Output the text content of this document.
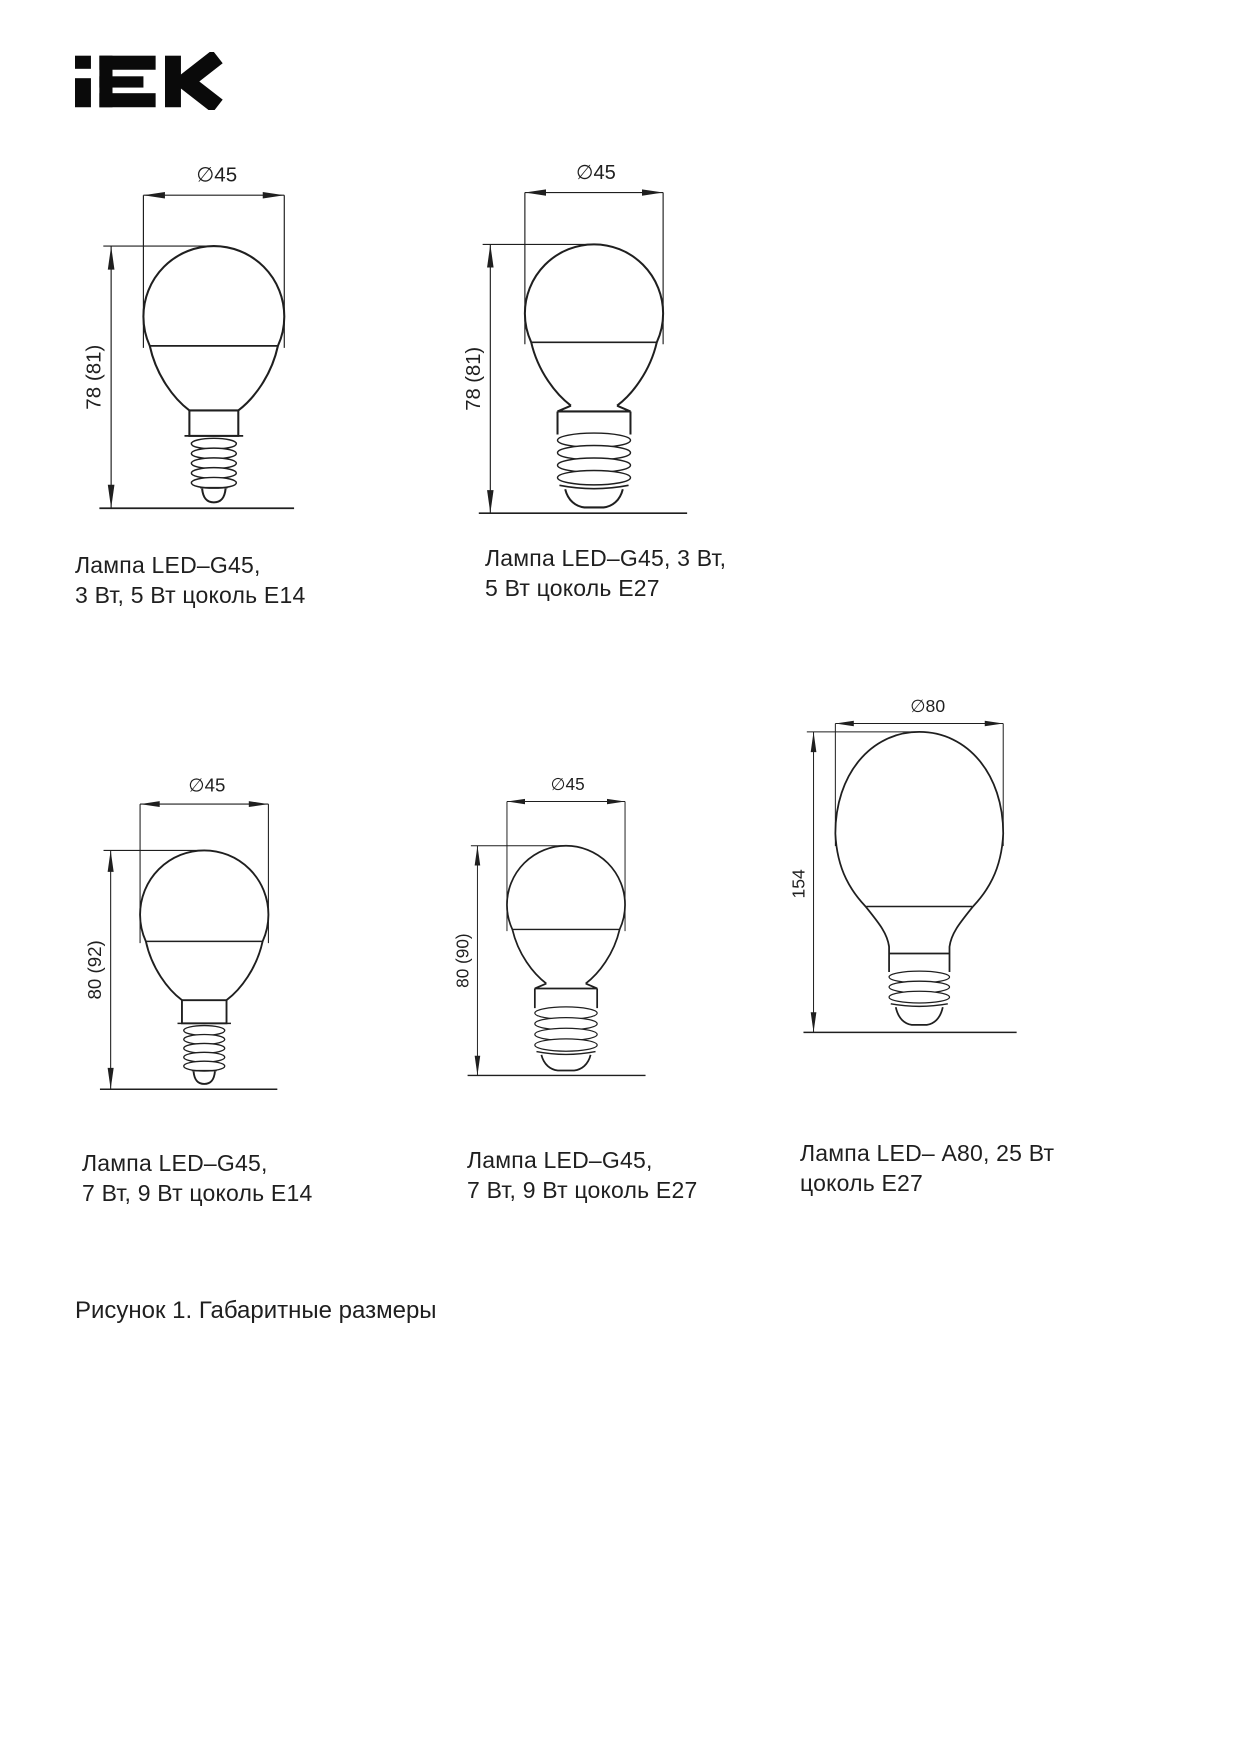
∅45
78 (81)
∅45
78 (81)
Лампа LED–G45,
3 Вт, 5 Вт цоколь Е14
Лампа LED–G45, 3 Вт,
5 Вт цоколь Е27
∅45
80 (92)
∅45
80 (90)
∅80
154
Лампа LED–G45,
7 Вт, 9 Вт цоколь Е14
Лампа LED–G45,
7 Вт, 9 Вт цоколь Е27
Лампа LED– А80, 25 Вт
цоколь Е27
Рисунок 1. Габаритные размеры
